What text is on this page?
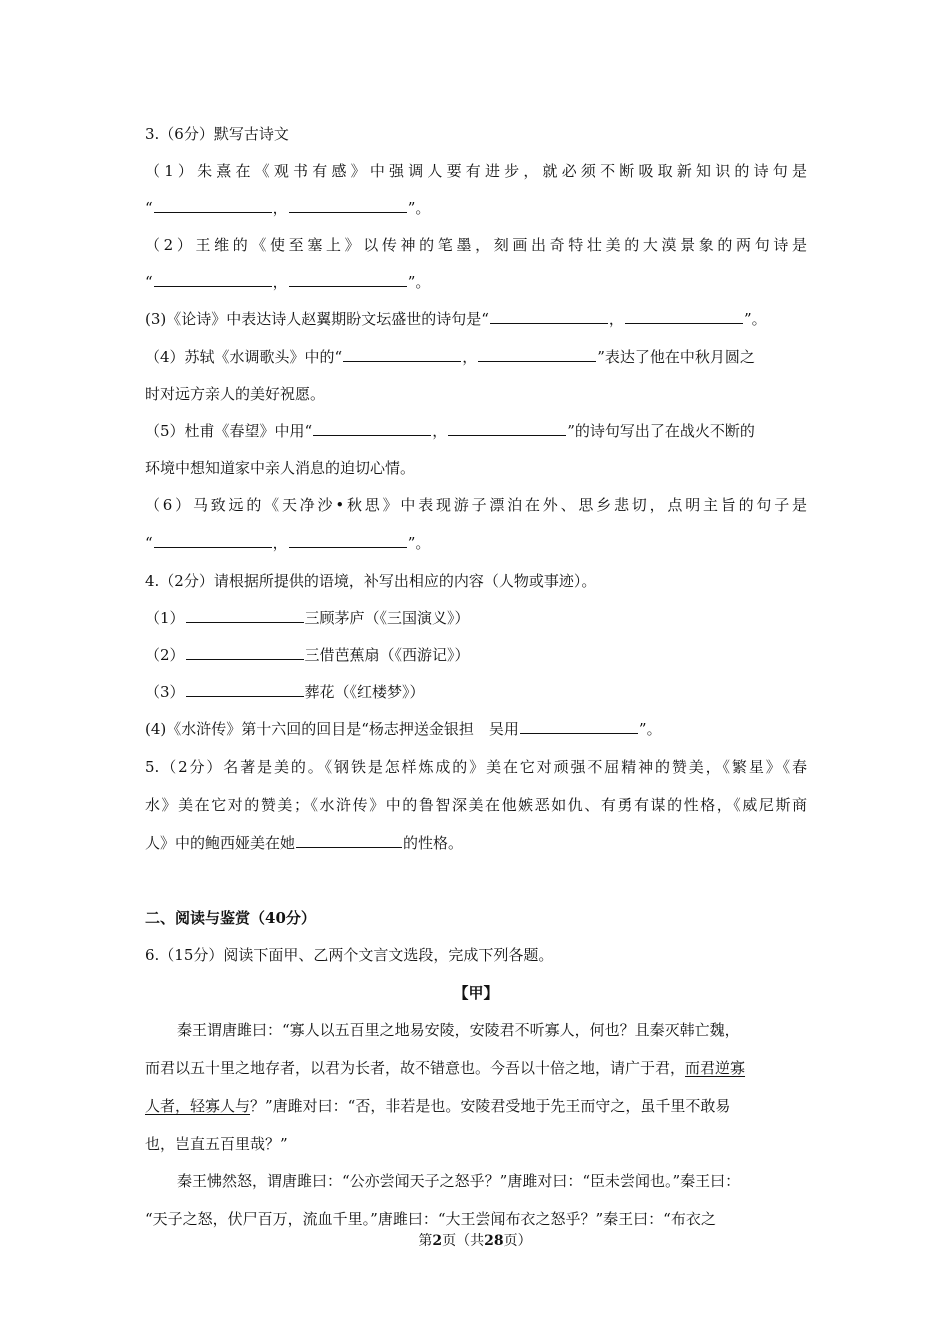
3.（6分）默写古诗文
（1）朱熹在《观书有感》中强调人要有进步，就必须不断吸取新知识的诗句是
“	，	”。
（2）王维的《使至塞上》以传神的笔墨，刻画出奇特壮美的大漠景象的两句诗是
“	，	”。
(3)《论诗》中表达诗人赵翼期盼文坛盛世的诗句是“	，	”。
（4）苏轼《水调歌头》中的“	，	”表达了他在中秋月圆之
时对远方亲人的美好祝愿。
（5）杜甫《春望》中用“	，	”的诗句写出了在战火不断的
环境中想知道家中亲人消息的迫切心情。
（6）马致远的《天净沙•秋思》中表现游子漂泊在外、思乡悲切，点明主旨的句子是
“	，	”。
4.（2分）请根据所提供的语境，补写出相应的内容（人物或事迹）。
（1）	三顾茅庐（《三国演义》）
（2）	三借芭蕉扇（《西游记》）
（3）	葬花（《红楼梦》）
(4)《水浒传》第十六回的回目是“杨志押送金银担　吴用	”。
5.（2分）名著是美的。《钢铁是怎样炼成的》美在它对顽强不屈精神的赞美，《繁星》《春
水》美在它对的赞美；《水浒传》中的鲁智深美在他嫉恶如仇、有勇有谋的性格，《威尼斯商
人》中的鲍西娅美在她	的性格。
二、阅读与鉴赏（40分）
6.（15分）阅读下面甲、乙两个文言文选段，完成下列各题。
【甲】
秦王谓唐雎曰：“寡人以五百里之地易安陵，安陵君不听寡人，何也？且秦灭韩亡魏，
而君以五十里之地存者，以君为长者，故不错意也。今吾以十倍之地，请广于君，而君逆寡
人者，轻寡人与？”唐雎对曰：“否，非若是也。安陵君受地于先王而守之，虽千里不敢易
也，岂直五百里哉？”
秦王怫然怒，谓唐雎曰：“公亦尝闻天子之怒乎？”唐雎对曰：“臣未尝闻也。”秦王曰：
“天子之怒，伏尸百万，流血千里。”唐雎曰：“大王尝闻布衣之怒乎？”秦王曰：“布衣之
第2页（共28页）
